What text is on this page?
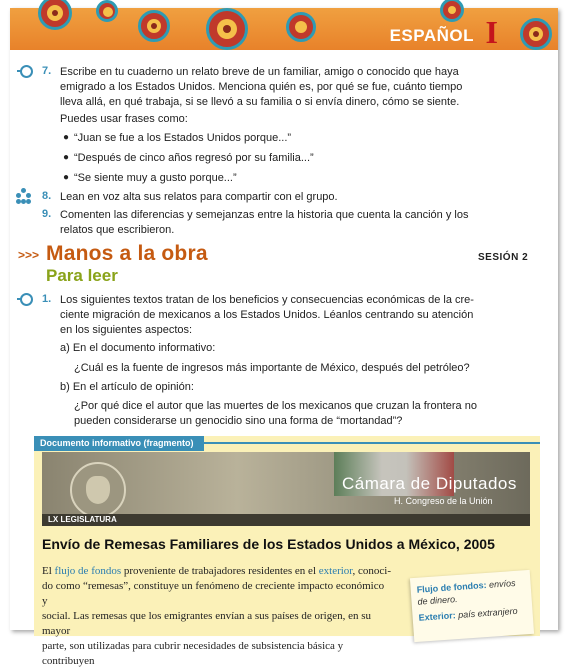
ESPAÑOL I
7. Escribe en tu cuaderno un relato breve de un familiar, amigo o conocido que haya
emigrado a los Estados Unidos. Menciona quién es, por qué se fue, cuánto tiempo
lleva allá, en qué trabaja, si se llevó a su familia o si envía dinero, cómo se siente.
Puedes usar frases como:
● “Juan se fue a los Estados Unidos porque...”
● “Después de cinco años regresó por su familia...”
● “Se siente muy a gusto porque...”
8. Lean en voz alta sus relatos para compartir con el grupo.
9. Comenten las diferencias y semejanzas entre la historia que cuenta la canción y los
relatos que escribieron.
>>> Manos a la obra
Para leer
SESIÓN 2
1. Los siguientes textos tratan de los beneficios y consecuencias económicas de la cre-
ciente migración de mexicanos a los Estados Unidos. Léanlos centrando su atención
en los siguientes aspectos:
a) En el documento informativo:
¿Cuál es la fuente de ingresos más importante de México, después del petróleo?
b) En el artículo de opinión:
¿Por qué dice el autor que las muertes de los mexicanos que cruzan la frontera no
pueden considerarse un genocidio sino una forma de “mortandad”?
Documento informativo (fragmento)
Cámara de Diputados
H. Congreso de la Unión
LX LEGISLATURA
Envío de Remesas Familiares de los Estados Unidos a México, 2005
El flujo de fondos proveniente de trabajadores residentes en el exterior, conoci-
do como “remesas”, constituye un fenómeno de creciente impacto económico y
social. Las remesas que los emigrantes envían a sus países de origen, en su mayor
parte, son utilizadas para cubrir necesidades de subsistencia básica y contribuyen
Flujo de fondos: envíos de dinero.
Exterior: país extranjero
